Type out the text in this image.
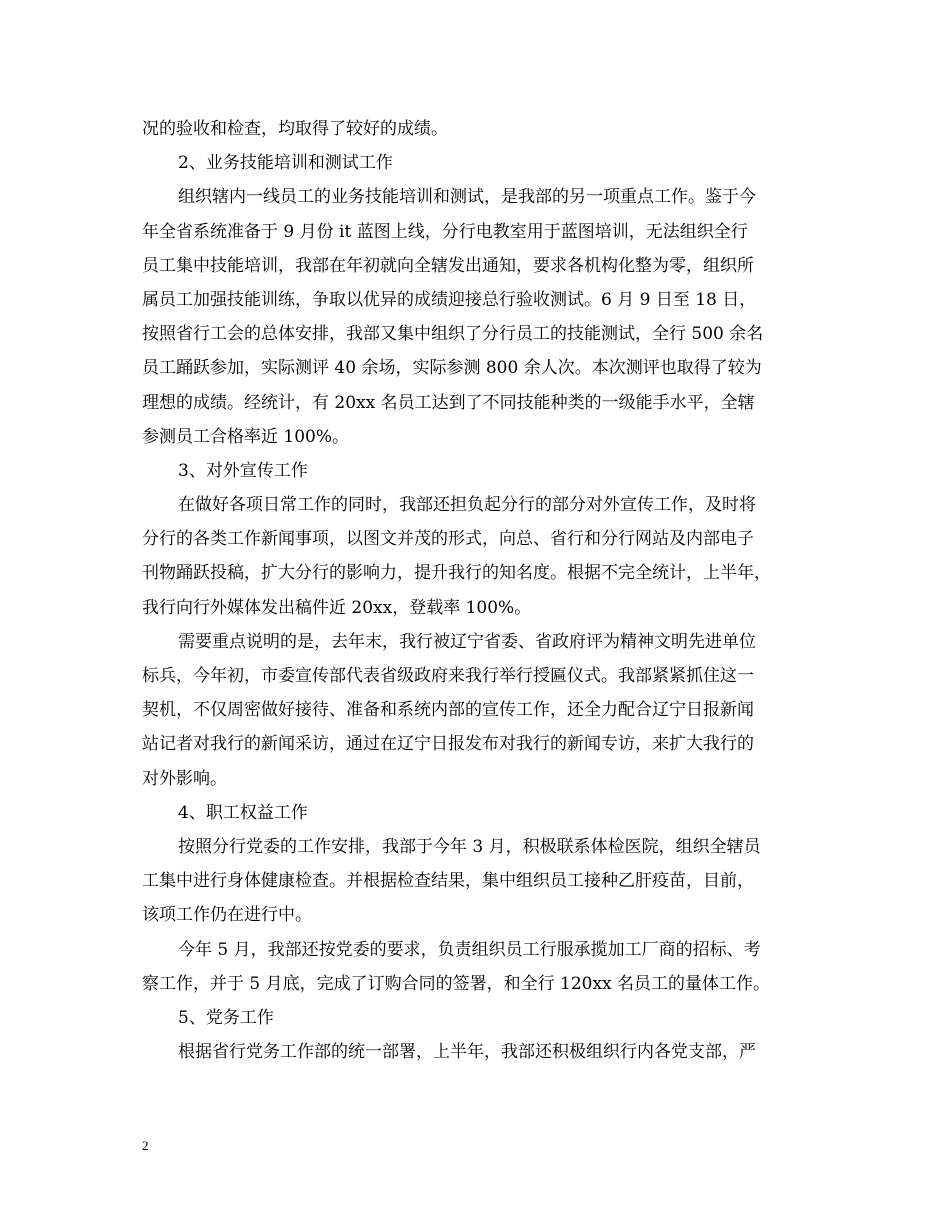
况的验收和检查，均取得了较好的成绩。
2、业务技能培训和测试工作
组织辖内一线员工的业务技能培训和测试，是我部的另一项重点工作。鉴于今
年全省系统准备于 9 月份 it 蓝图上线，分行电教室用于蓝图培训，无法组织全行
员工集中技能培训，我部在年初就向全辖发出通知，要求各机构化整为零，组织所
属员工加强技能训练，争取以优异的成绩迎接总行验收测试。6 月 9 日至 18 日，
按照省行工会的总体安排，我部又集中组织了分行员工的技能测试，全行 500 余名
员工踊跃参加，实际测评 40 余场，实际参测 800 余人次。本次测评也取得了较为
理想的成绩。经统计，有 20xx 名员工达到了不同技能种类的一级能手水平，全辖
参测员工合格率近 100%。
3、对外宣传工作
在做好各项日常工作的同时，我部还担负起分行的部分对外宣传工作，及时将
分行的各类工作新闻事项，以图文并茂的形式，向总、省行和分行网站及内部电子
刊物踊跃投稿，扩大分行的影响力，提升我行的知名度。根据不完全统计，上半年，
我行向行外媒体发出稿件近 20xx，登载率 100%。
需要重点说明的是，去年末，我行被辽宁省委、省政府评为精神文明先进单位
标兵，今年初，市委宣传部代表省级政府来我行举行授匾仪式。我部紧紧抓住这一
契机，不仅周密做好接待、准备和系统内部的宣传工作，还全力配合辽宁日报新闻
站记者对我行的新闻采访，通过在辽宁日报发布对我行的新闻专访，来扩大我行的
对外影响。
4、职工权益工作
按照分行党委的工作安排，我部于今年 3 月，积极联系体检医院，组织全辖员
工集中进行身体健康检查。并根据检查结果，集中组织员工接种乙肝疫苗，目前，
该项工作仍在进行中。
今年 5 月，我部还按党委的要求，负责组织员工行服承揽加工厂商的招标、考
察工作，并于 5 月底，完成了订购合同的签署，和全行 120xx 名员工的量体工作。
5、党务工作
根据省行党务工作部的统一部署，上半年，我部还积极组织行内各党支部，严
2
